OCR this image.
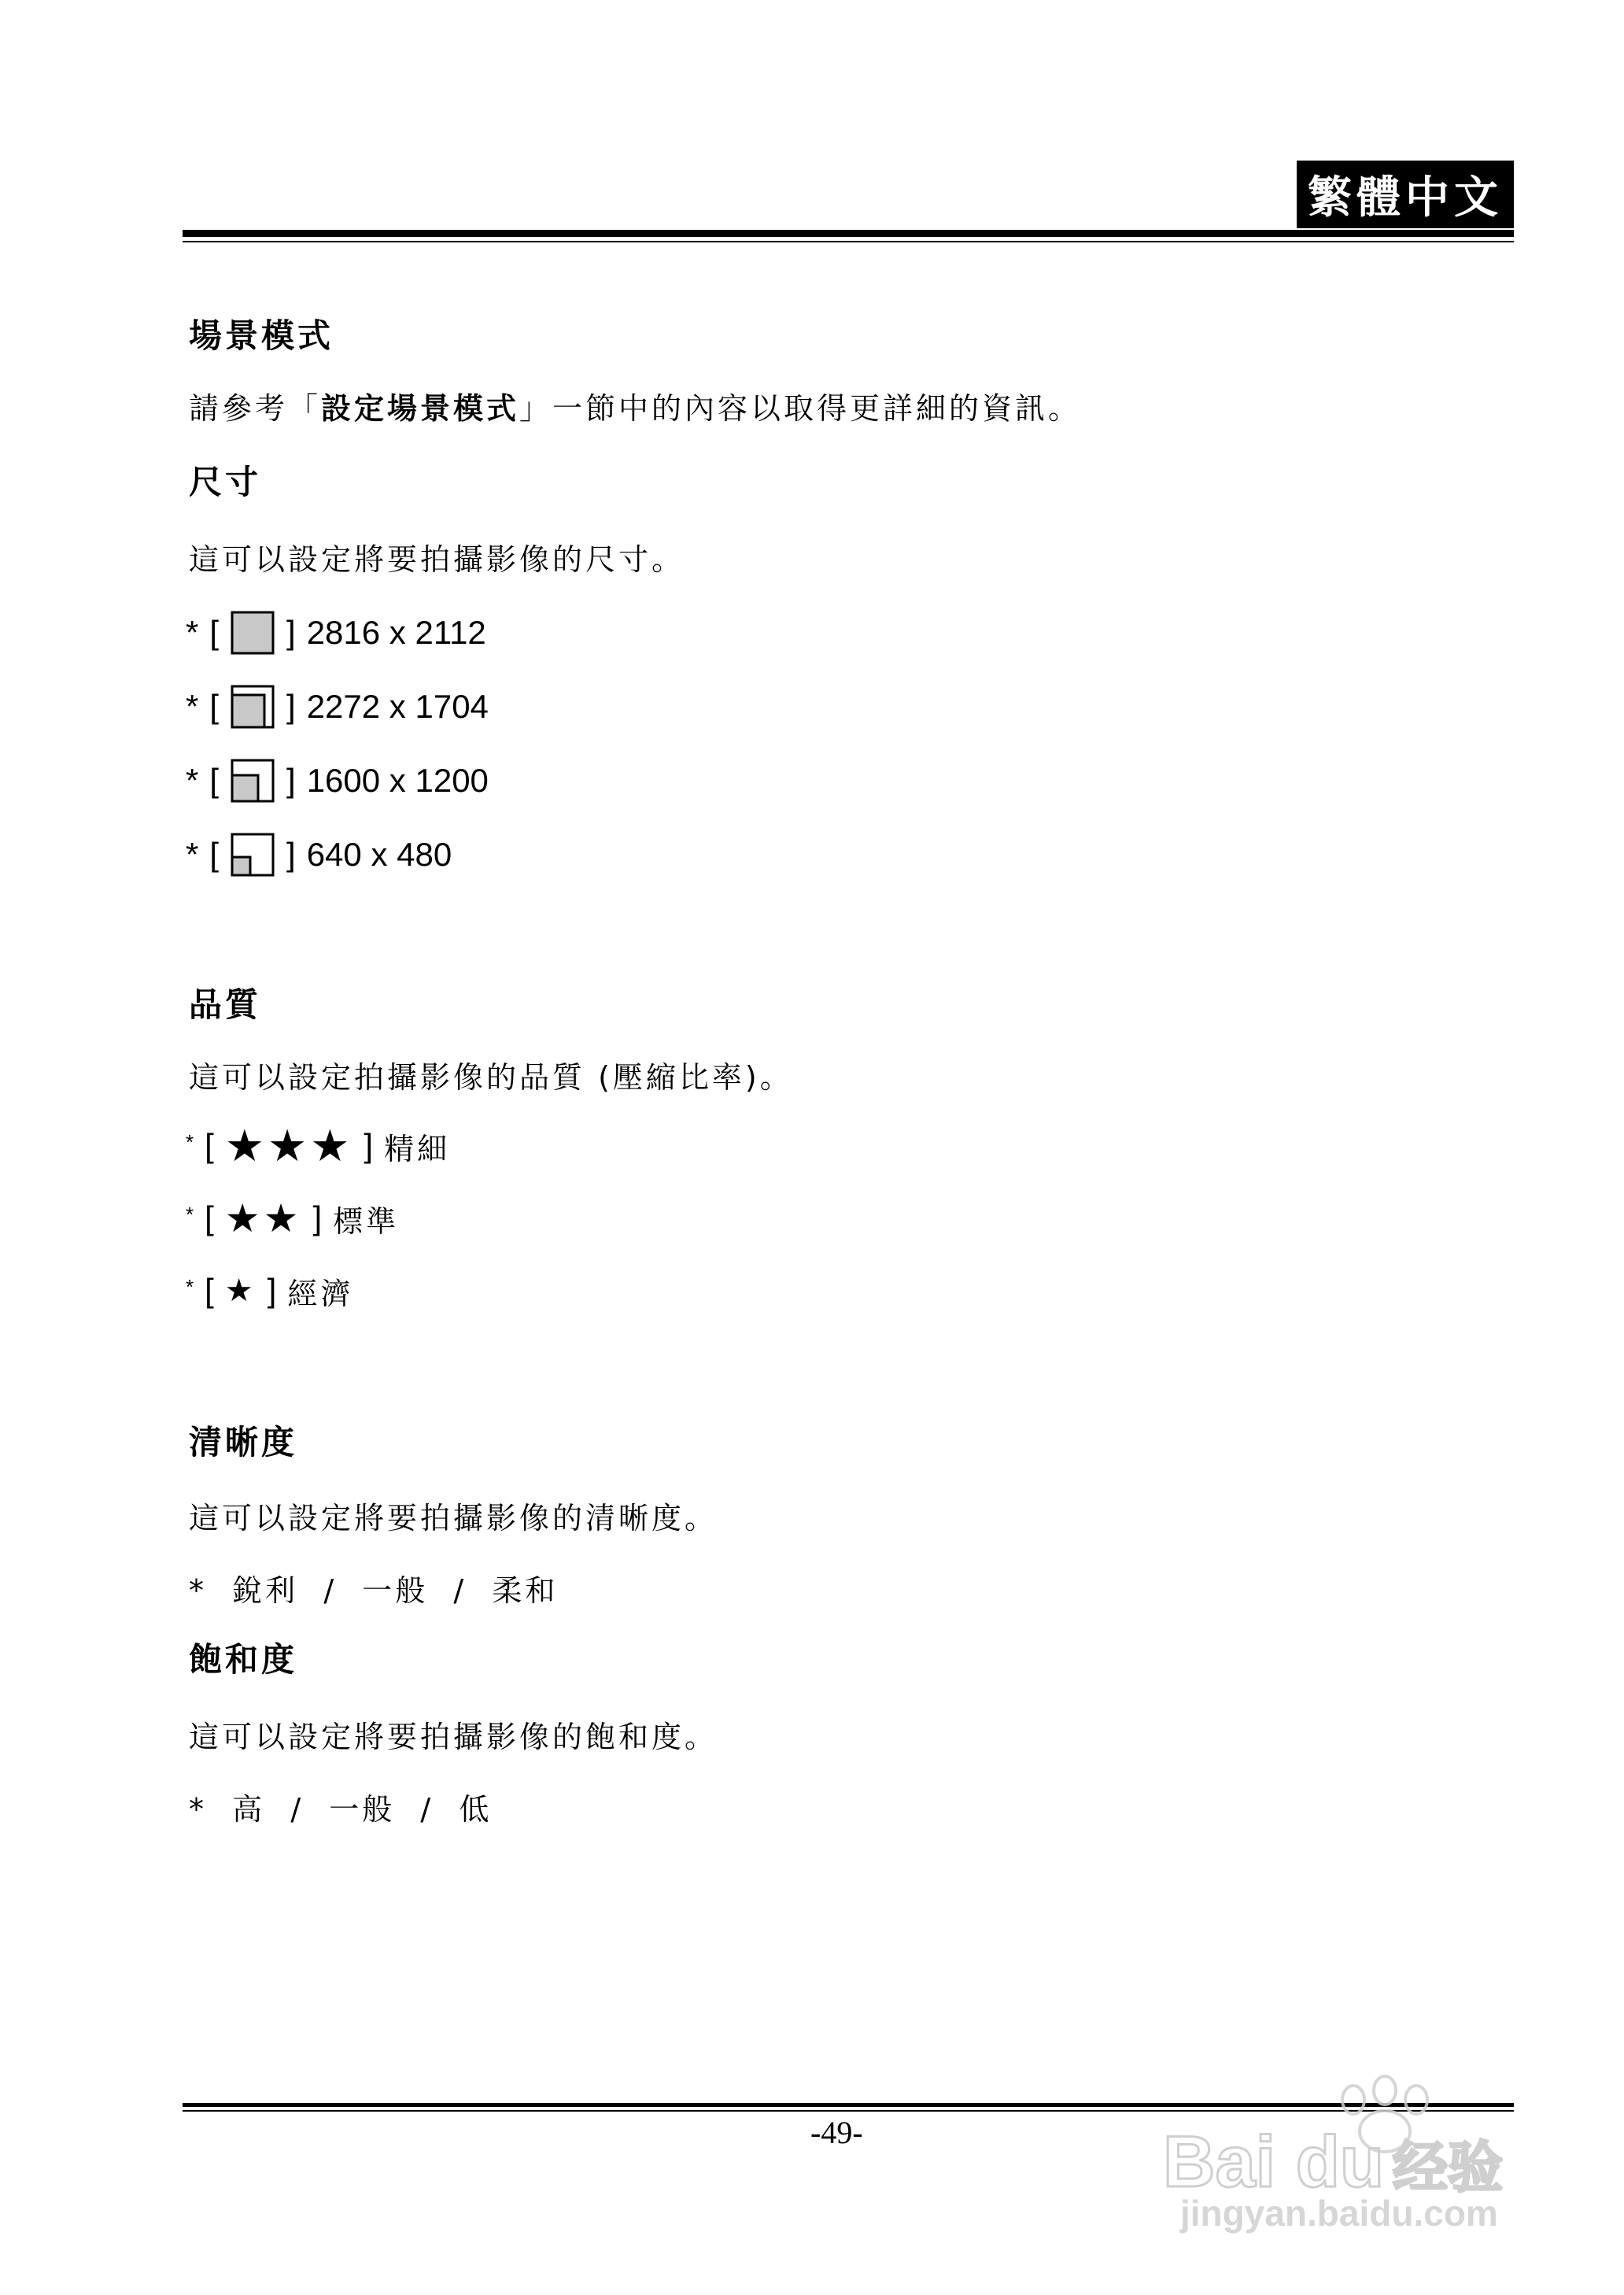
繁體中文
場景模式
請參考「設定場景模式」一節中的內容以取得更詳細的資訊。
尺寸
這可以設定將要拍攝影像的尺寸。
* [ ] 2816 x 2112
* [ ] 2272 x 1704
* [ ] 1600 x 1200
* [ ] 640 x 480
品質
這可以設定拍攝影像的品質 (壓縮比率)。
* [ ★★★ ] 精細
* [ ★★ ] 標準
* [ ★ ] 經濟
清晰度
這可以設定將要拍攝影像的清晰度。
*  銳利  /  一般  /  柔和
飽和度
這可以設定將要拍攝影像的飽和度。
*  高  /  一般  /  低
-49-	Bai du 经验
jingyan.baidu.com
